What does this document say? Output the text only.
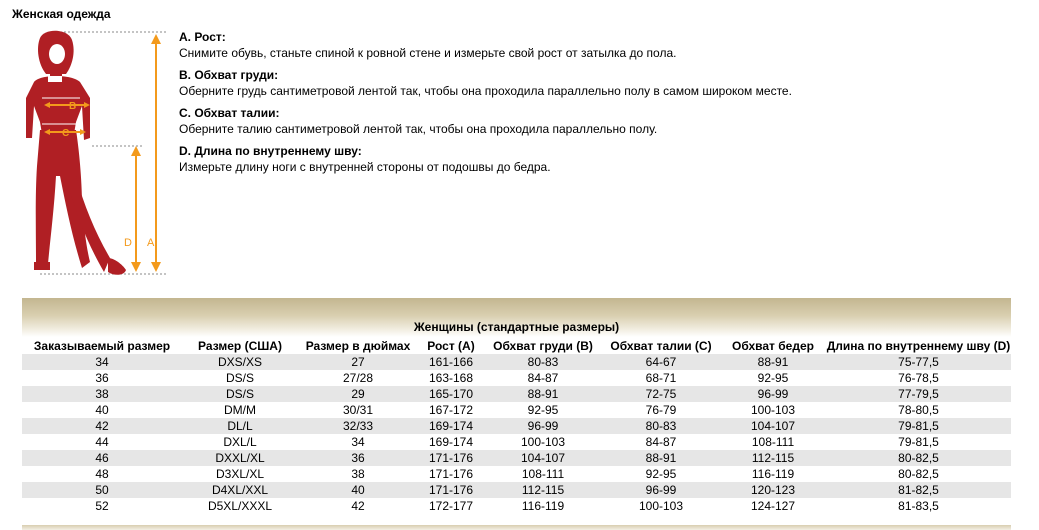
Женская одежда
B
C
A
D
A. Рост:
Снимите обувь, станьте спиной к ровной стене и измерьте свой рост от затылка до пола.
B. Обхват груди:
Оберните грудь сантиметровой лентой так, чтобы она проходила параллельно полу в самом широком месте.
C. Обхват талии:
Оберните талию сантиметровой лентой так, чтобы она проходила параллельно полу.
D. Длина по внутреннему шву:
Измерьте длину ноги с внутренней стороны от подошвы до бедра.
Женщины (стандартные размеры)
Заказываемый размер	Размер (США)	Размер в дюймах	Рост (A)	Обхват груди (B)	Обхват талии (C)	Обхват бедер	Длина по внутреннему шву (D)
34	DXS/XS	27	161-166	80-83	64-67	88-91	75-77,5
36	DS/S	27/28	163-168	84-87	68-71	92-95	76-78,5
38	DS/S	29	165-170	88-91	72-75	96-99	77-79,5
40	DM/M	30/31	167-172	92-95	76-79	100-103	78-80,5
42	DL/L	32/33	169-174	96-99	80-83	104-107	79-81,5
44	DXL/L	34	169-174	100-103	84-87	108-111	79-81,5
46	DXXL/XL	36	171-176	104-107	88-91	112-115	80-82,5
48	D3XL/XL	38	171-176	108-111	92-95	116-119	80-82,5
50	D4XL/XXL	40	171-176	112-115	96-99	120-123	81-82,5
52	D5XL/XXXL	42	172-177	116-119	100-103	124-127	81-83,5
